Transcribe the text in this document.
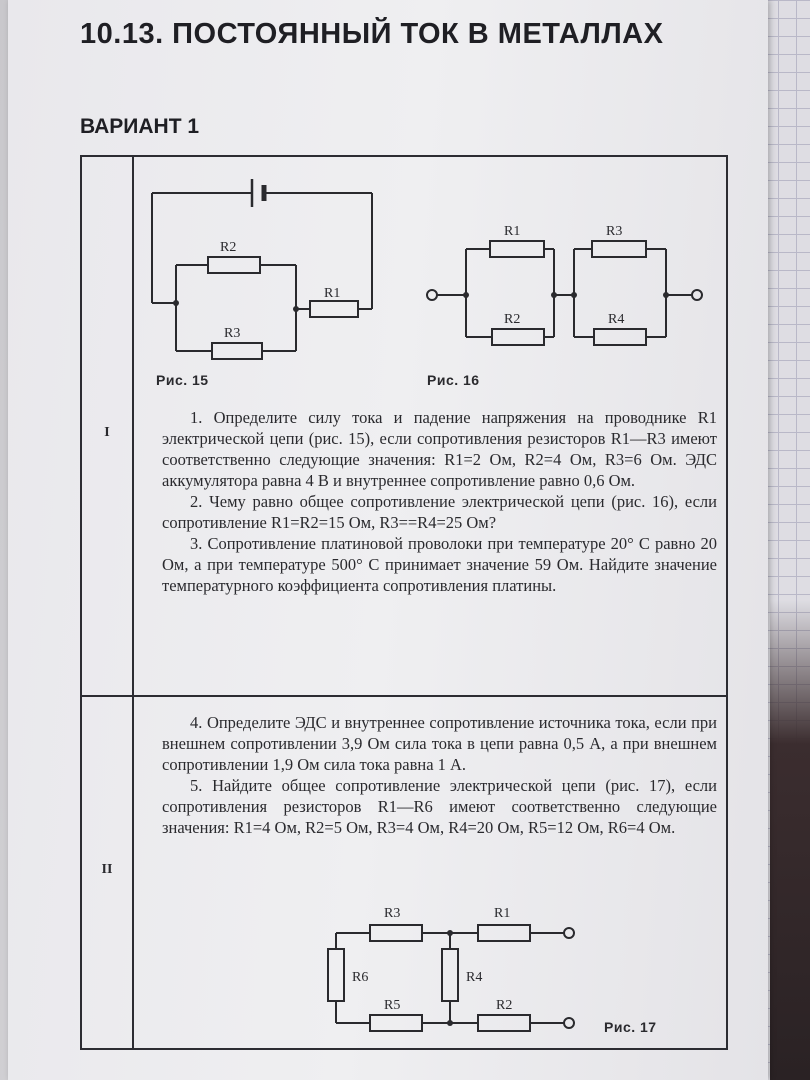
10.13. ПОСТОЯННЫЙ ТОК В МЕТАЛЛАХ
ВАРИАНТ 1
I
II
R2
R1
R3
Рис. 15
R1
R2
R3
R4
Рис. 16

1. Определите силу тока и падение напряжения на проводнике R1 электрической цепи (рис. 15), если сопротивления резисторов R1—R3 имеют соответственно следующие значения: R1=2 Ом, R2=4 Ом, R3=6 Ом. ЭДС аккумулятора равна 4 В и внутреннее сопротивление равно 0,6 Ом.

2. Чему равно общее сопротивление электрической цепи (рис. 16), если сопротивление R1=R2=15 Ом, R3==R4=25 Ом?

3. Сопротивление платиновой проволоки при температуре 20° С равно 20 Ом, а при температуре 500° С принимает значение 59 Ом. Найдите значение температурного коэффициента сопротивления платины.

4. Определите ЭДС и внутреннее сопротивление источника тока, если при внешнем сопротивлении 3,9 Ом сила тока в цепи равна 0,5 А, а при внешнем сопротивлении 1,9 Ом сила тока равна 1 А.

5. Найдите общее сопротивление электрической цепи (рис. 17), если сопротивления резисторов R1—R6 имеют соответственно следующие значения: R1=4 Ом, R2=5 Ом, R3=4 Ом, R4=20 Ом, R5=12 Ом, R6=4 Ом.

R3	R1
R6	R4
R5	R2
Рис. 17
